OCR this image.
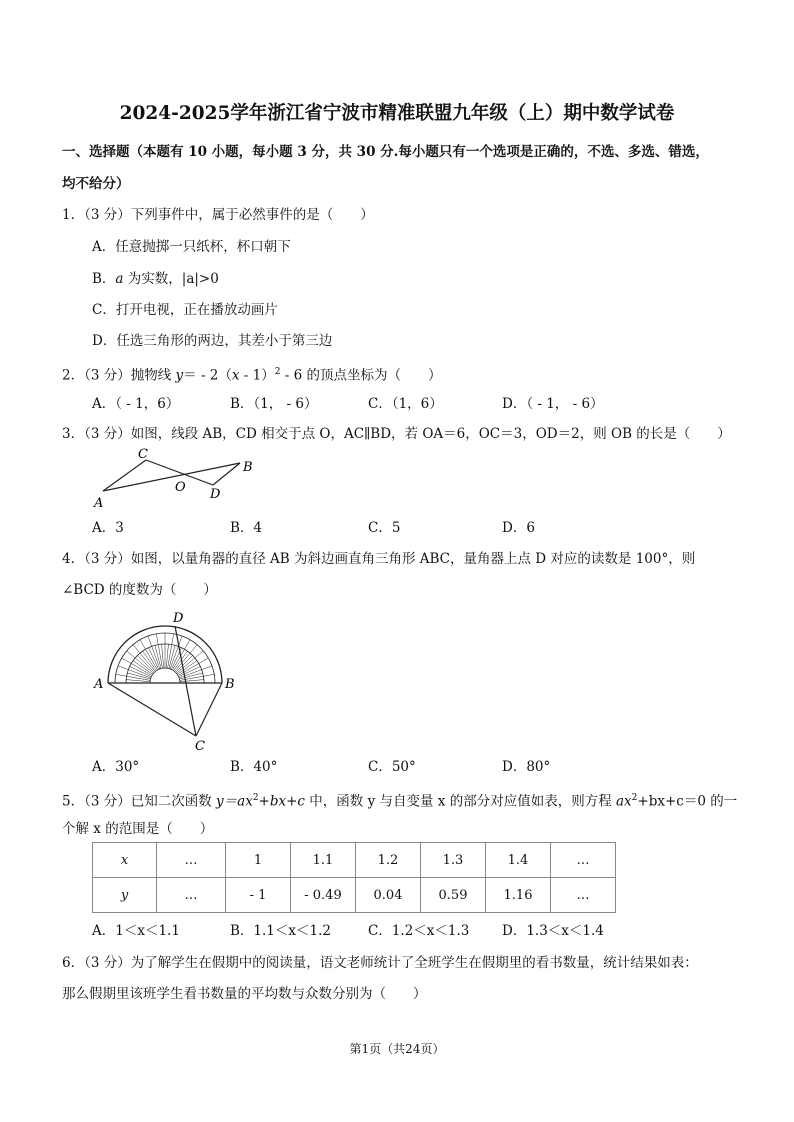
2024-2025学年浙江省宁波市精准联盟九年级（上）期中数学试卷
一、选择题（本题有 10 小题，每小题 3 分，共 30 分.每小题只有一个选项是正确的，不选、多选、错选，
均不给分）
1．（3 分）下列事件中，属于必然事件的是（　　）
A．任意抛掷一只纸杯，杯口朝下
B．a 为实数，|a|>0
C．打开电视，正在播放动画片
D．任选三角形的两边，其差小于第三边
2．（3 分）抛物线 y＝ - 2（x - 1）$^2$ - 6 的顶点坐标为（　　）
A．（ - 1，6）	B．（1， - 6）	C．（1，6）	D．（ - 1， - 6）
3．（3 分）如图，线段 AB，CD 相交于点 O，AC∥BD，若 OA＝6，OC＝3，OD＝2，则 OB 的长是（　　）
A
C
B
D
O
A．3	B．4	C．5	D．6
4．（3 分）如图，以量角器的直径 AB 为斜边画直角三角形 ABC，量角器上点 D 对应的读数是 100°，则
∠BCD 的度数为（　　）
D
A	B
C
A．30°	B．40°	C．50°	D．80°
5．（3 分）已知二次函数 $y=ax^2+bx+c$ 中，函数 y 与自变量 x 的部分对应值如表，则方程 $ax^2+bx+c=0$ 的一
个解 x 的范围是（　　）
x	…	1	1.1	1.2	1.3	1.4	…
y	…	- 1	- 0.49	0.04	0.59	1.16	…
A．1＜x＜1.1	B．1.1＜x＜1.2	C．1.2＜x＜1.3 D．1.3＜x＜1.4
6．（3 分）为了解学生在假期中的阅读量，语文老师统计了全班学生在假期里的看书数量，统计结果如表：
那么假期里该班学生看书数量的平均数与众数分别为（　　）
第1页（共24页）
